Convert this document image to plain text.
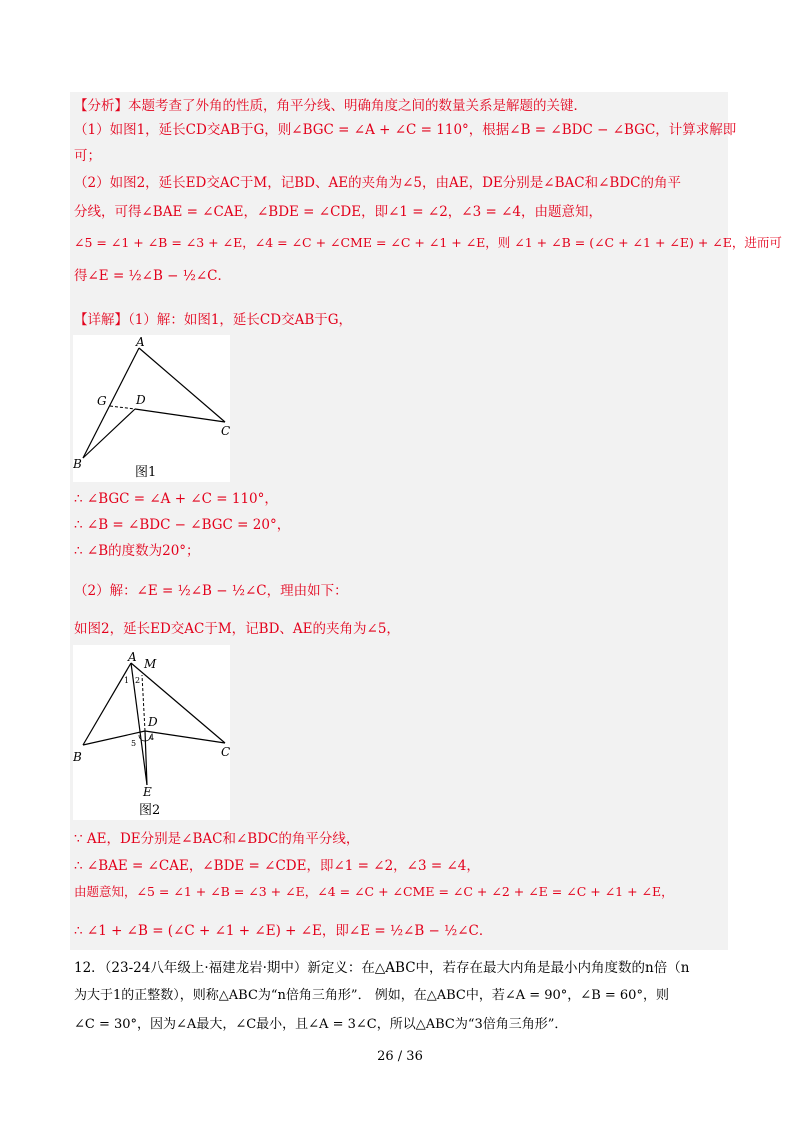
【分析】本题考查了外角的性质，角平分线、明确角度之间的数量关系是解题的关键．
（1）如图1，延长CD交AB于G，则∠BGC = ∠A + ∠C = 110°，根据∠B = ∠BDC − ∠BGC，计算求解即
可；
（2）如图2，延长ED交AC于M，记BD、AE的夹角为∠5，由AE，DE分别是∠BAC和∠BDC的角平
分线，可得∠BAE = ∠CAE，∠BDE = ∠CDE，即∠1 = ∠2，∠3 = ∠4，由题意知，
∠5 = ∠1 + ∠B = ∠3 + ∠E，∠4 = ∠C + ∠CME = ∠C + ∠1 + ∠E，则 ∠1 + ∠B = (∠C + ∠1 + ∠E) + ∠E，进而可
得∠E = ½∠B − ½∠C．
【详解】（1）解：如图1，延长CD交AB于G，
A
G D
C
B
图1
∴ ∠BGC = ∠A + ∠C = 110°，
∴ ∠B = ∠BDC − ∠BGC = 20°，
∴ ∠B的度数为20°；
（2）解：∠E = ½∠B − ½∠C，理由如下：
如图2，延长ED交AC于M，记BD、AE的夹角为∠5，
A M
1 2
D
4
5
C
B
E
图2
∵ AE，DE分别是∠BAC和∠BDC的角平分线，
∴ ∠BAE = ∠CAE，∠BDE = ∠CDE，即∠1 = ∠2，∠3 = ∠4，
由题意知，∠5 = ∠1 + ∠B = ∠3 + ∠E，∠4 = ∠C + ∠CME = ∠C + ∠2 + ∠E = ∠C + ∠1 + ∠E，
∴ ∠1 + ∠B = (∠C + ∠1 + ∠E) + ∠E，即∠E = ½∠B − ½∠C．
12．（23-24八年级上·福建龙岩·期中）新定义：在△ABC中，若存在最大内角是最小内角度数的n倍（n
为大于1的正整数），则称△ABC为“n倍角三角形”． 例如，在△ABC中，若∠A = 90°，∠B = 60°，则
∠C = 30°，因为∠A最大，∠C最小，且∠A = 3∠C，所以△ABC为“3倍角三角形”．
26 / 36
